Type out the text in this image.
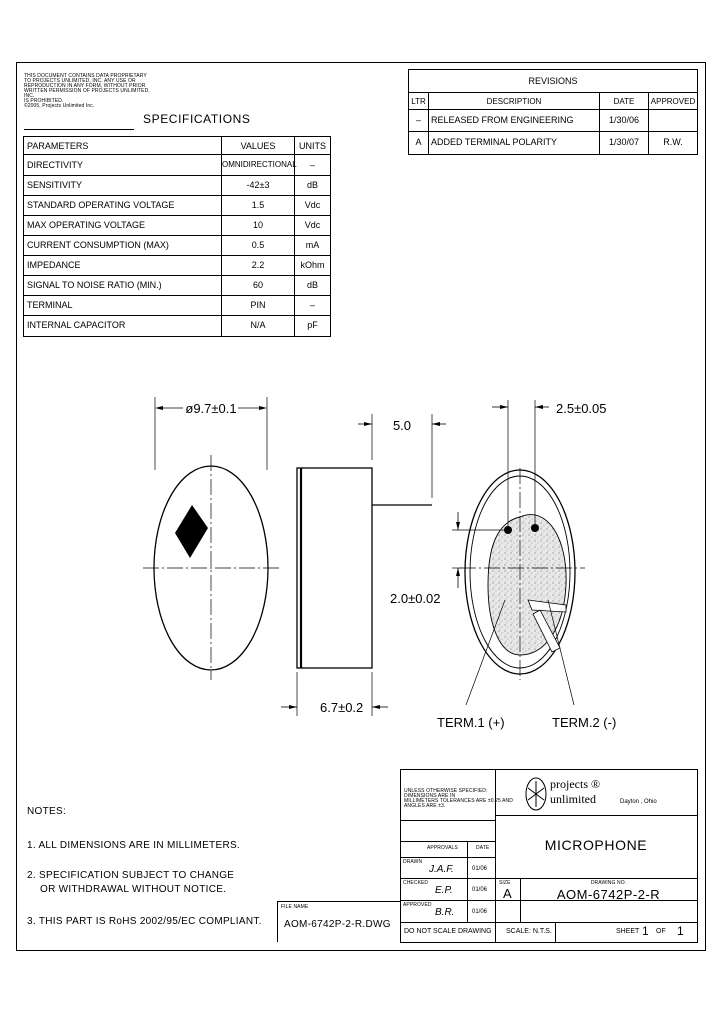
THIS DOCUMENT CONTAINS DATA PROPRIETARY
TO PROJECTS UNLIMITED, INC. ANY USE OR
REPRODUCTION IN ANY FORM, WITHOUT PRIOR
WRITTEN PERMISSION OF PROJECTS UNLIMITED, INC.
IS PROHIBITED.
©2005, Projects Unlimited Inc.
SPECIFICATIONS
PARAMETERS	VALUES	UNITS
DIRECTIVITY	OMNIDIRECTIONAL	–
SENSITIVITY	-42±3	dB
STANDARD OPERATING VOLTAGE	1.5	Vdc
MAX OPERATING VOLTAGE	10	Vdc
CURRENT CONSUMPTION (MAX)	0.5	mA
IMPEDANCE	2.2	kOhm
SIGNAL TO NOISE RATIO (MIN.)	60	dB
TERMINAL	PIN	–
INTERNAL CAPACITOR	N/A	pF
REVISIONS
LTR	DESCRIPTION	DATE	APPROVED
–	RELEASED FROM ENGINEERING	1/30/06
A	ADDED TERMINAL POLARITY	1/30/07	R.W.
ø9.7±0.1
5.0
6.7±0.2
2.5±0.05
2.0±0.02
TERM.1 (+)	TERM.2 (-)
NOTES:
1. ALL DIMENSIONS ARE IN MILLIMETERS.
2. SPECIFICATION SUBJECT TO CHANGE
OR WITHDRAWAL WITHOUT NOTICE.
3. THIS PART IS RoHS 2002/95/EC COMPLIANT.
FILE NAME
AOM-6742P-2-R.DWG
UNLESS OTHERWISE SPECIFIED:
DIMENSIONS ARE IN
MILLIMETERS TOLERANCES ARE ±0.25 AND
ANGLES ARE ±3.
projects ®
unlimited	Dayton , Ohio
MICROPHONE
APPROVALS	DATE
DRAWN
J.A.F.	01/06
CHECKED
E.P.	01/06
APPROVED
B.R.	01/06
SIZE
A
DRAWING NO.
AOM-6742P-2-R
DO NOT SCALE DRAWING SCALE: N.T.S.	SHEET 1 OF 1
